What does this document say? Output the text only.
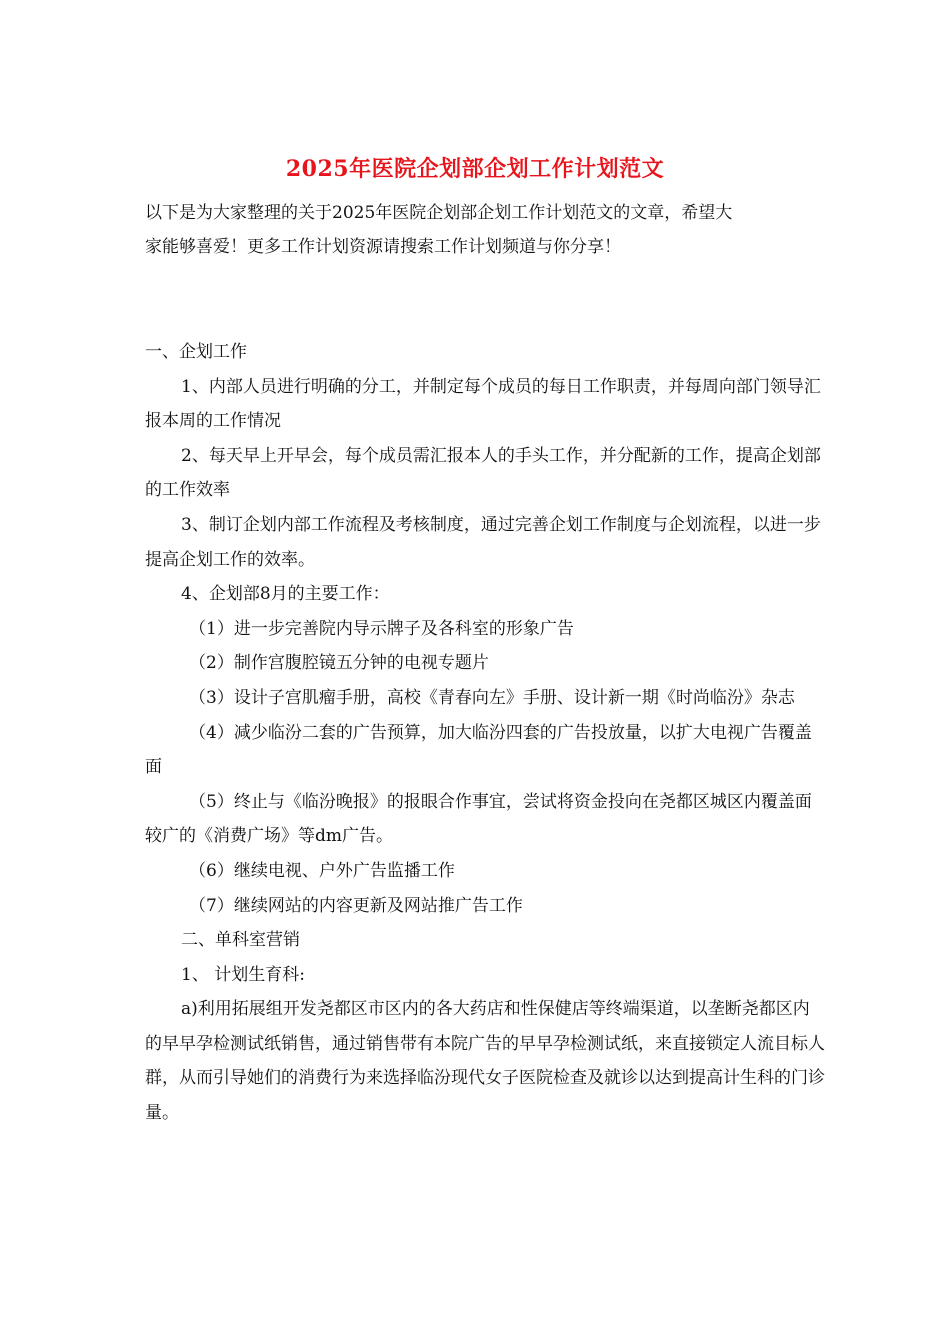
2025年医院企划部企划工作计划范文

以下是为大家整理的关于2025年医院企划部企划工作计划范文的文章，希望大

家能够喜爱！更多工作计划资源请搜索工作计划频道与你分享！

一、企划工作

1、内部人员进行明确的分工，并制定每个成员的每日工作职责，并每周向部门领导汇报本周的工作情况

2、每天早上开早会，每个成员需汇报本人的手头工作，并分配新的工作，提高企划部的工作效率

3、制订企划内部工作流程及考核制度，通过完善企划工作制度与企划流程，以进一步提高企划工作的效率。

4、企划部8月的主要工作：

（1）进一步完善院内导示牌子及各科室的形象广告

（2）制作宫腹腔镜五分钟的电视专题片

（3）设计子宫肌瘤手册，高校《青春向左》手册、设计新一期《时尚临汾》杂志

（4）减少临汾二套的广告预算，加大临汾四套的广告投放量，以扩大电视广告覆盖面

（5）终止与《临汾晚报》的报眼合作事宜，尝试将资金投向在尧都区城区内覆盖面较广的《消费广场》等dm广告。

（6）继续电视、户外广告监播工作

（7）继续网站的内容更新及网站推广告工作

二、单科室营销

1、 计划生育科:

a)利用拓展组开发尧都区市区内的各大药店和性保健店等终端渠道，以垄断尧都区内的早早孕检测试纸销售，通过销售带有本院广告的早早孕检测试纸，来直接锁定人流目标人群，从而引导她们的消费行为来选择临汾现代女子医院检查及就诊以达到提高计生科的门诊量。
